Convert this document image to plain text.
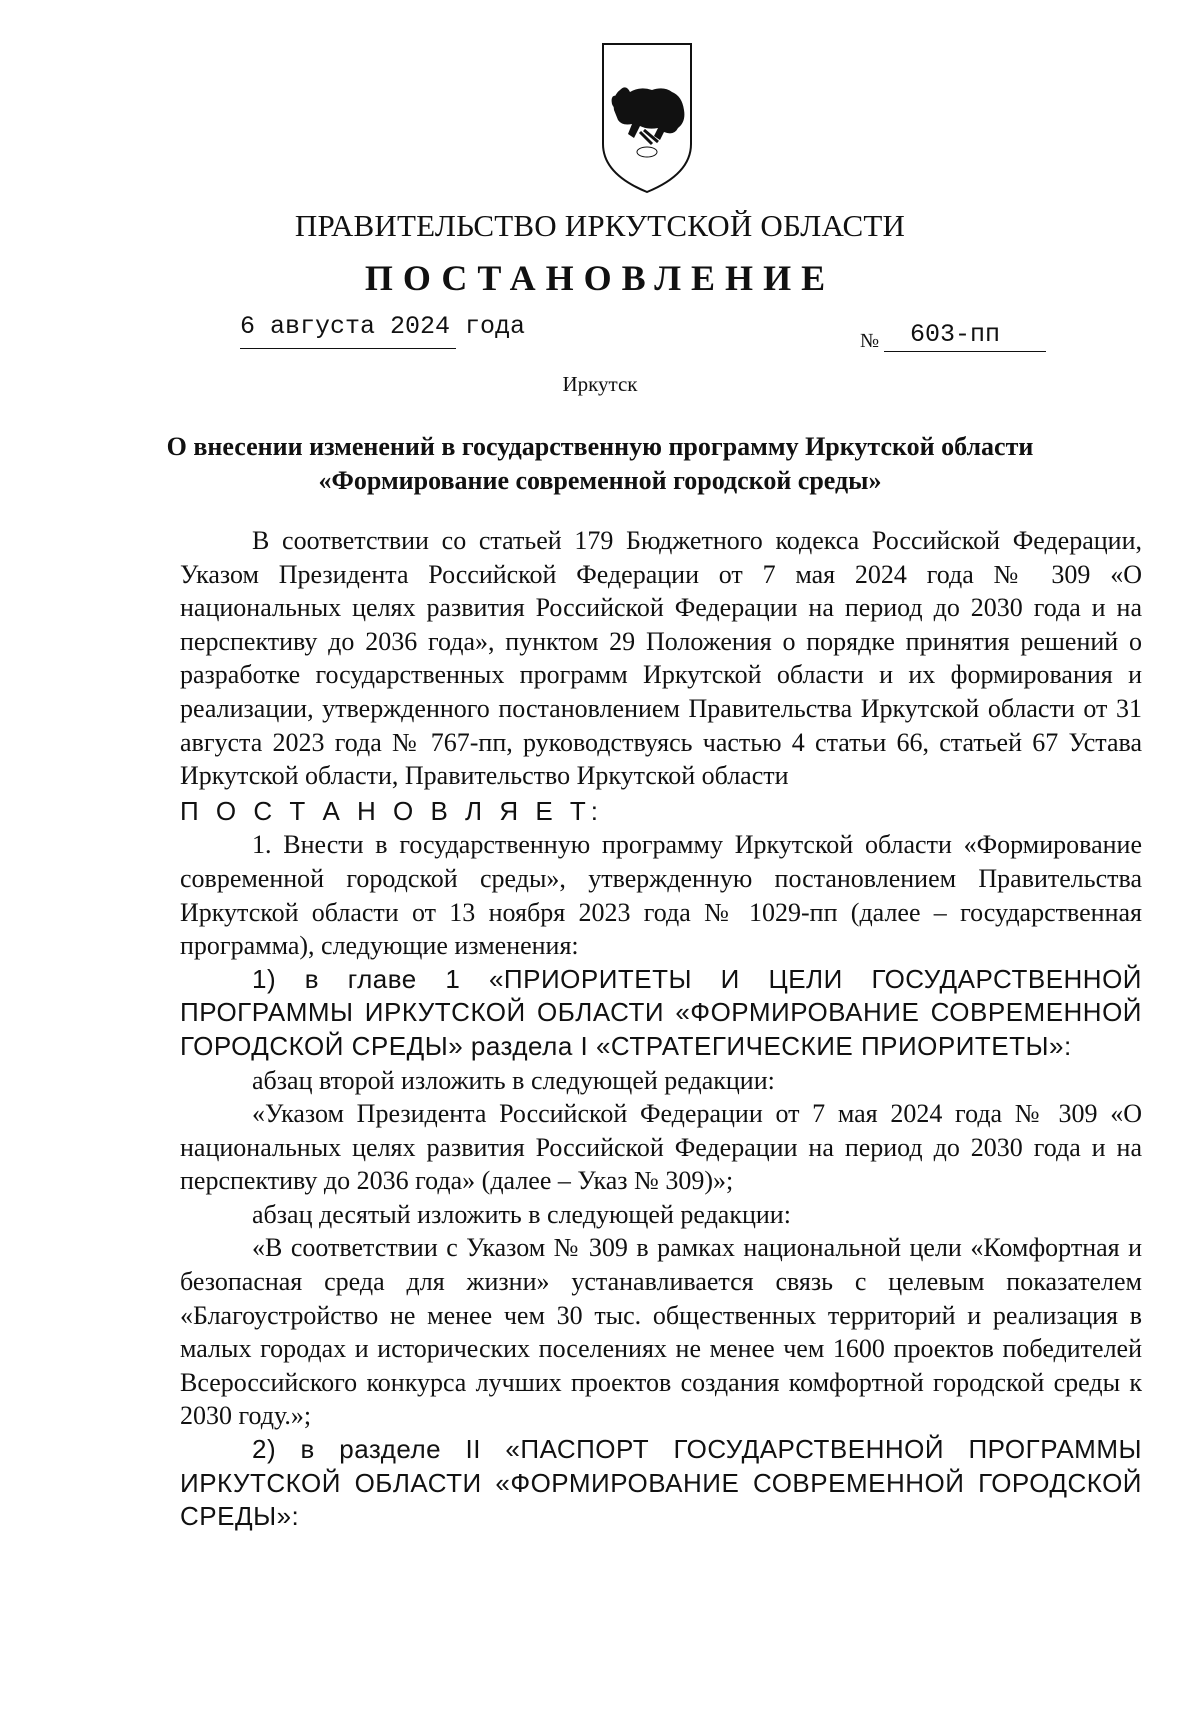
ПРАВИТЕЛЬСТВО ИРКУТСКОЙ ОБЛАСТИ
ПОСТАНОВЛЕНИЕ
6 августа 2024 года	№ 603-пп
Иркутск
О внесении изменений в государственную программу Иркутской области
«Формирование современной городской среды»

В соответствии со статьей 179 Бюджетного кодекса Российской Федерации, Указом Президента Российской Федерации от 7 мая 2024 года № 309 «О национальных целях развития Российской Федерации на период до 2030 года и на перспективу до 2036 года», пунктом 29 Положения о порядке принятия решений о разработке государственных программ Иркутской области и их формирования и реализации, утвержденного постановлением Правительства Иркутской области от 31 августа 2023 года № 767-пп, руководствуясь частью 4 статьи 66, статьей 67 Устава Иркутской области, Правительство Иркутской области

П О С Т А Н О В Л Я Е Т:

1. Внести в государственную программу Иркутской области «Формирование современной городской среды», утвержденную постановлением Правительства Иркутской области от 13 ноября 2023 года № 1029-пп (далее – государственная программа), следующие изменения:

1) в главе 1 «ПРИОРИТЕТЫ И ЦЕЛИ ГОСУДАРСТВЕННОЙ ПРОГРАММЫ ИРКУТСКОЙ ОБЛАСТИ «ФОРМИРОВАНИЕ СОВРЕМЕННОЙ ГОРОДСКОЙ СРЕДЫ» раздела I «СТРАТЕГИЧЕСКИЕ ПРИОРИТЕТЫ»:

абзац второй изложить в следующей редакции:

«Указом Президента Российской Федерации от 7 мая 2024 года № 309 «О национальных целях развития Российской Федерации на период до 2030 года и на перспективу до 2036 года» (далее – Указ № 309)»;

абзац десятый изложить в следующей редакции:

«В соответствии с Указом № 309 в рамках национальной цели «Комфортная и безопасная среда для жизни» устанавливается связь с целевым показателем «Благоустройство не менее чем 30 тыс. общественных территорий и реализация в малых городах и исторических поселениях не менее чем 1600 проектов победителей Всероссийского конкурса лучших проектов создания комфортной городской среды к 2030 году.»;

2) в разделе II «ПАСПОРТ ГОСУДАРСТВЕННОЙ ПРОГРАММЫ ИРКУТСКОЙ ОБЛАСТИ «ФОРМИРОВАНИЕ СОВРЕМЕННОЙ ГОРОДСКОЙ СРЕДЫ»:
